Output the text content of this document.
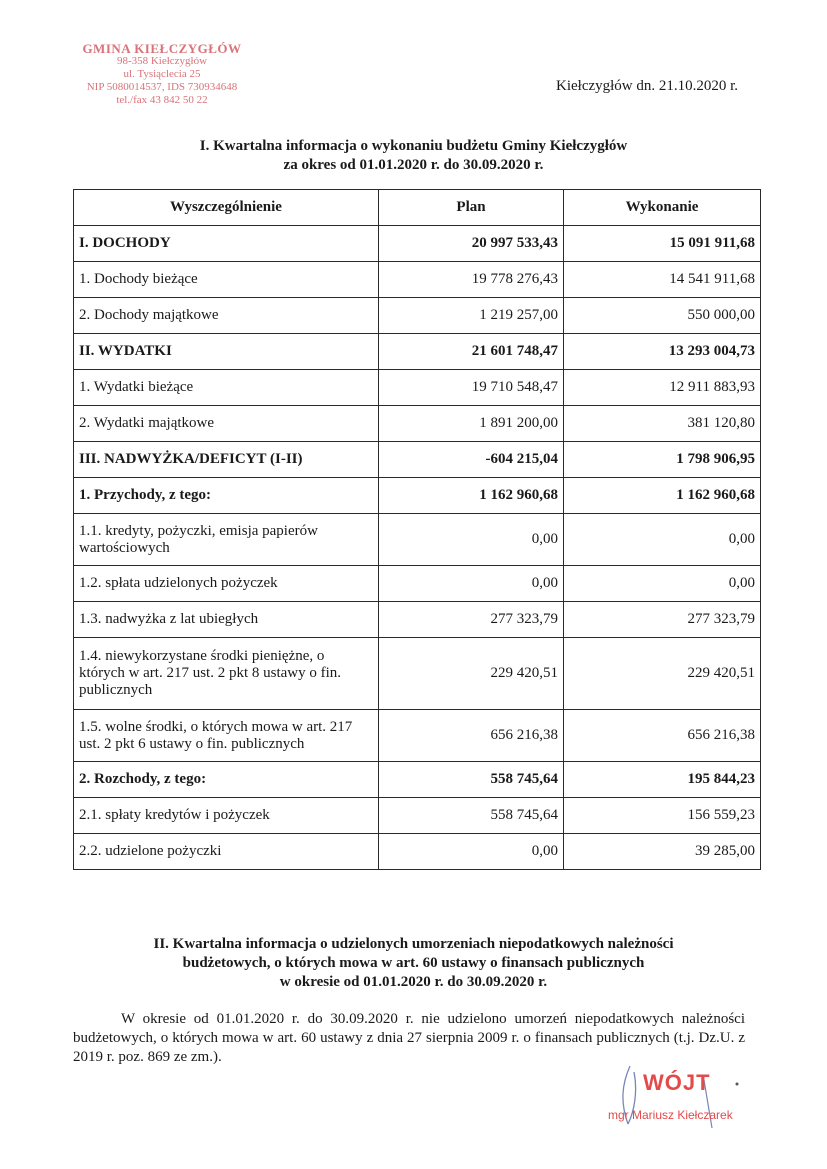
GMINA KIEŁCZYGŁÓW
98-358 Kiełczygłów
ul. Tysiąclecia 25
NIP 5080014537, IDS 730934648
tel./fax 43 842 50 22
Kiełczygłów dn. 21.10.2020 r.
I. Kwartalna informacja o wykonaniu budżetu Gminy Kiełczygłów
za okres od 01.01.2020 r. do 30.09.2020 r.
Wyszczególnienie	Plan	Wykonanie
I. DOCHODY	20 997 533,43	15 091 911,68
1. Dochody bieżące	19 778 276,43	14 541 911,68
2. Dochody majątkowe	1 219 257,00	550 000,00
II. WYDATKI	21 601 748,47	13 293 004,73
1. Wydatki bieżące	19 710 548,47	12 911 883,93
2. Wydatki majątkowe	1 891 200,00	381 120,80
III. NADWYŻKA/DEFICYT (I-II)	-604 215,04	1 798 906,95
1. Przychody, z tego:	1 162 960,68	1 162 960,68
1.1. kredyty, pożyczki, emisja papierów wartościowych	0,00	0,00
1.2. spłata udzielonych pożyczek	0,00	0,00
1.3. nadwyżka z lat ubiegłych	277 323,79	277 323,79
1.4. niewykorzystane środki pieniężne, o których w art. 217 ust. 2 pkt 8 ustawy o fin. publicznych	229 420,51	229 420,51
1.5. wolne środki, o których mowa w art. 217 ust. 2 pkt 6 ustawy o fin. publicznych	656 216,38	656 216,38
2. Rozchody, z tego:	558 745,64	195 844,23
2.1. spłaty kredytów i pożyczek	558 745,64	156 559,23
2.2. udzielone pożyczki	0,00	39 285,00
II. Kwartalna informacja o udzielonych umorzeniach niepodatkowych należności
budżetowych, o których mowa w art. 60 ustawy o finansach publicznych
w okresie od 01.01.2020 r. do 30.09.2020 r.
W okresie od 01.01.2020 r. do 30.09.2020 r. nie udzielono umorzeń niepodatkowych należności budżetowych, o których mowa w art. 60 ustawy z dnia 27 sierpnia 2009 r. o finansach publicznych (t.j. Dz.U. z 2019 r. poz. 869 ze zm.).
WÓJT
mgr Mariusz Kiełczarek
